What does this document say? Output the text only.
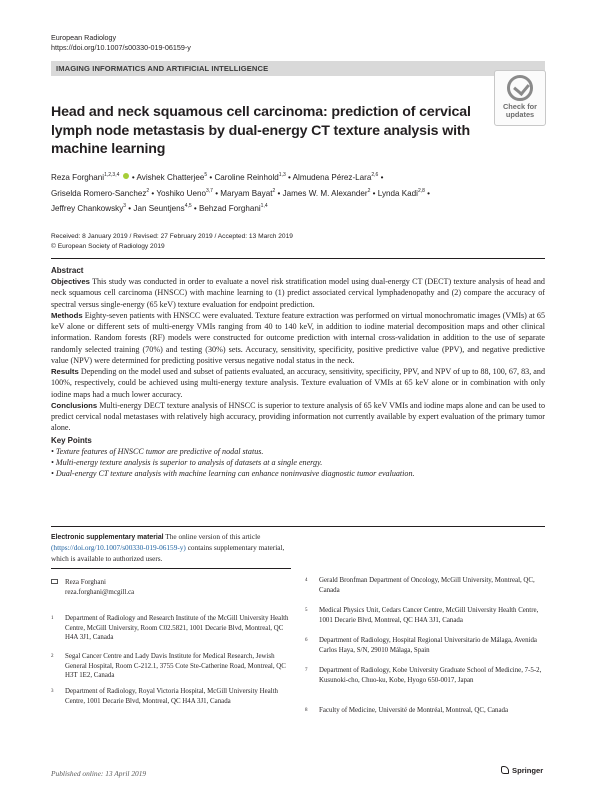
European Radiology
https://doi.org/10.1007/s00330-019-06159-y
IMAGING INFORMATICS AND ARTIFICIAL INTELLIGENCE
Check for
updates
Head and neck squamous cell carcinoma: prediction of cervical lymph node metastasis by dual-energy CT texture analysis with machine learning
Reza Forghani$^{1,2,3,4}$  • Avishek Chatterjee$^5$ • Caroline Reinhold$^{1,3}$ • Almudena Pérez-Lara$^{2,6}$ •
Griselda Romero-Sanchez$^2$ • Yoshiko Ueno$^{3,7}$ • Maryam Bayat$^2$ • James W. M. Alexander$^2$ • Lynda Kadi$^{2,8}$ •
Jeffrey Chankowsky$^3$ • Jan Seuntjens$^{4,5}$ • Behzad Forghani$^{1,4}$
Received: 8 January 2019 / Revised: 27 February 2019 / Accepted: 13 March 2019
© European Society of Radiology 2019
Abstract

Objectives This study was conducted in order to evaluate a novel risk stratification model using dual-energy CT (DECT) texture analysis of head and neck squamous cell carcinoma (HNSCC) with machine learning to (1) predict associated cervical lymphadenopathy and (2) compare the accuracy of spectral versus single-energy (65 keV) texture evaluation for endpoint prediction.

Methods Eighty-seven patients with HNSCC were evaluated. Texture feature extraction was performed on virtual monochromatic images (VMIs) at 65 keV alone or different sets of multi-energy VMIs ranging from 40 to 140 keV, in addition to iodine material decomposition maps and other clinical information. Random forests (RF) models were constructed for outcome prediction with internal cross-validation in addition to the use of separate randomly selected training (70%) and testing (30%) sets. Accuracy, sensitivity, specificity, positive predictive value (PPV), and negative predictive value (NPV) were determined for predicting positive versus negative nodal status in the neck.

Results Depending on the model used and subset of patients evaluated, an accuracy, sensitivity, specificity, PPV, and NPV of up to 88, 100, 67, 83, and 100%, respectively, could be achieved using multi-energy texture analysis. Texture evaluation of VMIs at 65 keV alone or in combination with only iodine maps had a much lower accuracy.

Conclusions Multi-energy DECT texture analysis of HNSCC is superior to texture analysis of 65 keV VMIs and iodine maps alone and can be used to predict cervical nodal metastases with relatively high accuracy, providing information not currently available by expert evaluation of the primary tumor alone.

Key Points

• Texture features of HNSCC tumor are predictive of nodal status.

• Multi-energy texture analysis is superior to analysis of datasets at a single energy.

• Dual-energy CT texture analysis with machine learning can enhance noninvasive diagnostic tumor evaluation.

Electronic supplementary material The online version of this article (https://doi.org/10.1007/s00330-019-06159-y) contains supplementary material, which is available to authorized users.
Reza Forghani
reza.forghani@mcgill.ca
1 Department of Radiology and Research Institute of the McGill University Health Centre, McGill University, Room C02.5821, 1001 Decarie Blvd, Montreal, QC H4A 3J1, Canada
2 Segal Cancer Centre and Lady Davis Institute for Medical Research, Jewish General Hospital, Room C-212.1, 3755 Cote Ste-Catherine Road, Montreal, QC H3T 1E2, Canada
3 Department of Radiology, Royal Victoria Hospital, McGill University Health Centre, 1001 Decarie Blvd, Montreal, QC H4A 3J1, Canada
4 Gerald Bronfman Department of Oncology, McGill University, Montreal, QC, Canada
5 Medical Physics Unit, Cedars Cancer Centre, McGill University Health Centre, 1001 Decarie Blvd, Montreal, QC H4A 3J1, Canada
6 Department of Radiology, Hospital Regional Universitario de Málaga, Avenida Carlos Haya, S/N, 29010 Málaga, Spain
7 Department of Radiology, Kobe University Graduate School of Medicine, 7-5-2, Kusunoki-cho, Chuo-ku, Kobe, Hyogo 650-0017, Japan
8 Faculty of Medicine, Université de Montréal, Montreal, QC, Canada
Published online: 13 April 2019	Springer
